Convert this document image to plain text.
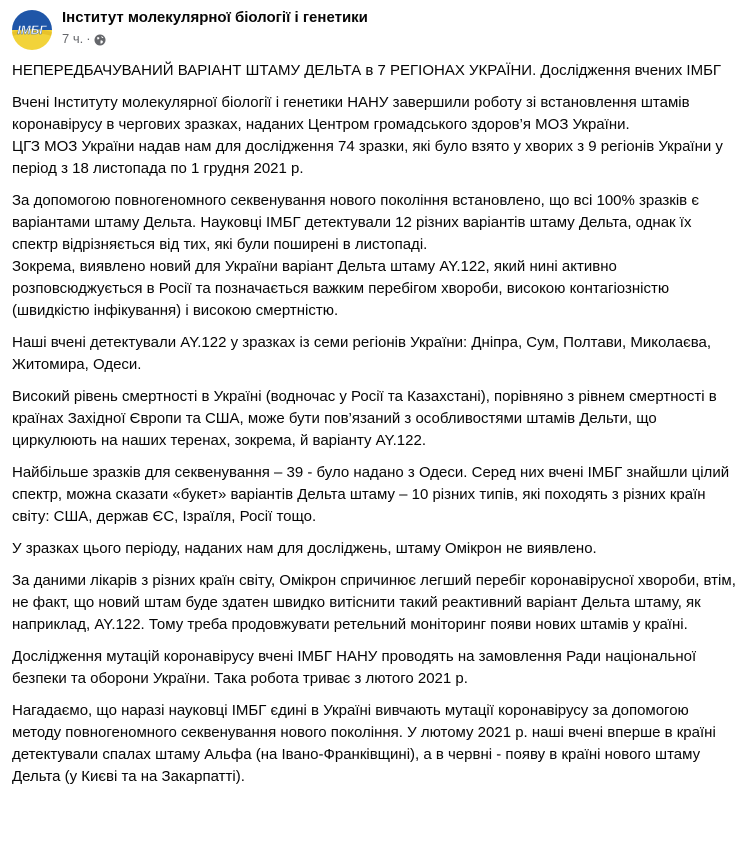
ІМБГ
Інститут молекулярної біології і генетики
7 ч. ·

НЕПЕРЕДБАЧУВАНИЙ ВАРІАНТ ШТАМУ ДЕЛЬТА в 7 РЕГІОНАХ УКРАЇНИ. Дослідження вчених ІМБГ

Вчені Інституту молекулярної біології і генетики НАНУ завершили роботу зі встановлення штамів коронавірусу в чергових зразках, наданих Центром громадського здоров’я МОЗ України.
ЦГЗ МОЗ України надав нам для дослідження 74 зразки, які було взято у хворих з 9 регіонів України у період з 18 листопада по 1 грудня 2021 р.

За допомогою повногеномного секвенування нового покоління встановлено, що всі 100% зразків є варіантами штаму Дельта. Науковці ІМБГ детектували 12 різних варіантів штаму Дельта, однак їх спектр відрізняється від тих, які були поширені в листопаді.
Зокрема, виявлено новий для України варіант Дельта штаму AY.122, який нині активно розповсюджується в Росії та позначається важким перебігом хвороби, високою контагіозністю (швидкістю інфікування) і високою смертністю.

Наші вчені детектували AY.122 у зразках із семи регіонів України: Дніпра, Сум, Полтави, Миколаєва, Житомира, Одеси.

Високий рівень смертності в Україні (водночас у Росії та Казахстані), порівняно з рівнем смертності в країнах Західної Європи та США, може бути пов’язаний з особливостями штамів Дельти, що циркулюють на наших теренах, зокрема, й варіанту AY.122.

Найбільше зразків для секвенування – 39 - було надано з Одеси. Серед них вчені ІМБГ знайшли цілий спектр, можна сказати «букет» варіантів Дельта штаму – 10 різних типів, які походять з різних країн світу: США, держав ЄС, Ізраїля, Росії тощо.

У зразках цього періоду, наданих нам для досліджень, штаму Омікрон не виявлено.

За даними лікарів з різних країн світу, Омікрон спричинює легший перебіг коронавірусної хвороби, втім, не факт, що новий штам буде здатен швидко витіснити такий реактивний варіант Дельта штаму, як наприклад, AY.122. Тому треба продовжувати ретельний моніторинг появи нових штамів у країні.

Дослідження мутацій коронавірусу вчені ІМБГ НАНУ проводять на замовлення Ради національної безпеки та оборони України. Така робота триває з лютого 2021 р.

Нагадаємо, що наразі науковці ІМБГ єдині в Україні вивчають мутації коронавірусу за допомогою методу повногеномного секвенування нового покоління. У лютому 2021 р. наші вчені вперше в країні детектували спалах штаму Альфа (на Івано-Франківщині), а в червні - появу в країні нового штаму Дельта (у Києві та на Закарпатті).
